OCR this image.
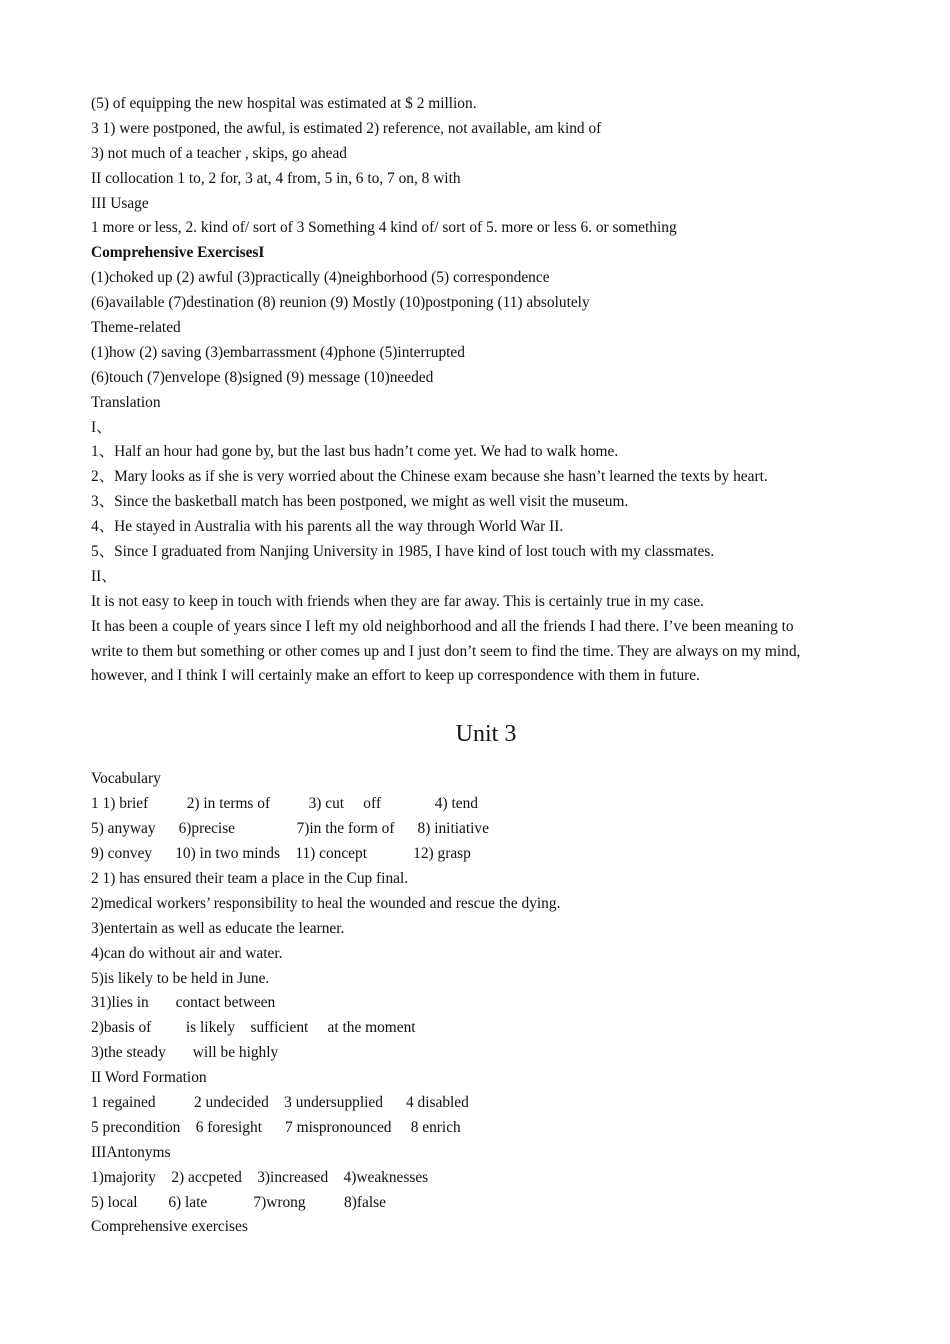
(5) of equipping the new hospital was estimated at $ 2 million.
3 1) were postponed, the awful, is estimated 2) reference, not available, am kind of
3) not much of a teacher , skips, go ahead
II collocation 1 to, 2 for, 3 at, 4 from, 5 in, 6 to, 7 on, 8 with
III Usage
1 more or less, 2. kind of/ sort of 3 Something 4 kind of/ sort of 5. more or less 6. or something
Comprehensive ExercisesI
(1)choked up (2) awful (3)practically (4)neighborhood (5) correspondence
(6)available (7)destination (8) reunion (9) Mostly (10)postponing (11) absolutely
Theme-related
(1)how (2) saving (3)embarrassment (4)phone (5)interrupted
(6)touch (7)envelope (8)signed (9) message (10)needed
Translation
I、
1、Half an hour had gone by, but the last bus hadn’t come yet. We had to walk home.
2、Mary looks as if she is very worried about the Chinese exam because she hasn’t learned the texts by heart.
3、Since the basketball match has been postponed, we might as well visit the museum.
4、He stayed in Australia with his parents all the way through World War II.
5、Since I graduated from Nanjing University in 1985, I have kind of lost touch with my classmates.
II、
It is not easy to keep in touch with friends when they are far away. This is certainly true in my case.
It has been a couple of years since I left my old neighborhood and all the friends I had there. I’ve been meaning to
write to them but something or other comes up and I just don’t seem to find the time. They are always on my mind,
however, and I think I will certainly make an effort to keep up correspondence with them in future.
Unit 3
Vocabulary
1 1) brief          2) in terms of          3) cut     off              4) tend
5) anyway      6)precise                7)in the form of      8) initiative
9) convey      10) in two minds    11) concept            12) grasp
2 1) has ensured their team a place in the Cup final.
2)medical workers’ responsibility to heal the wounded and rescue the dying.
3)entertain as well as educate the learner.
4)can do without air and water.
5)is likely to be held in June.
31)lies in       contact between
2)basis of         is likely    sufficient     at the moment
3)the steady       will be highly
II Word Formation
1 regained          2 undecided    3 undersupplied      4 disabled
5 precondition    6 foresight      7 mispronounced     8 enrich
IIIAntonyms
1)majority    2) accpeted    3)increased    4)weaknesses
5) local        6) late            7)wrong          8)false
Comprehensive exercises
